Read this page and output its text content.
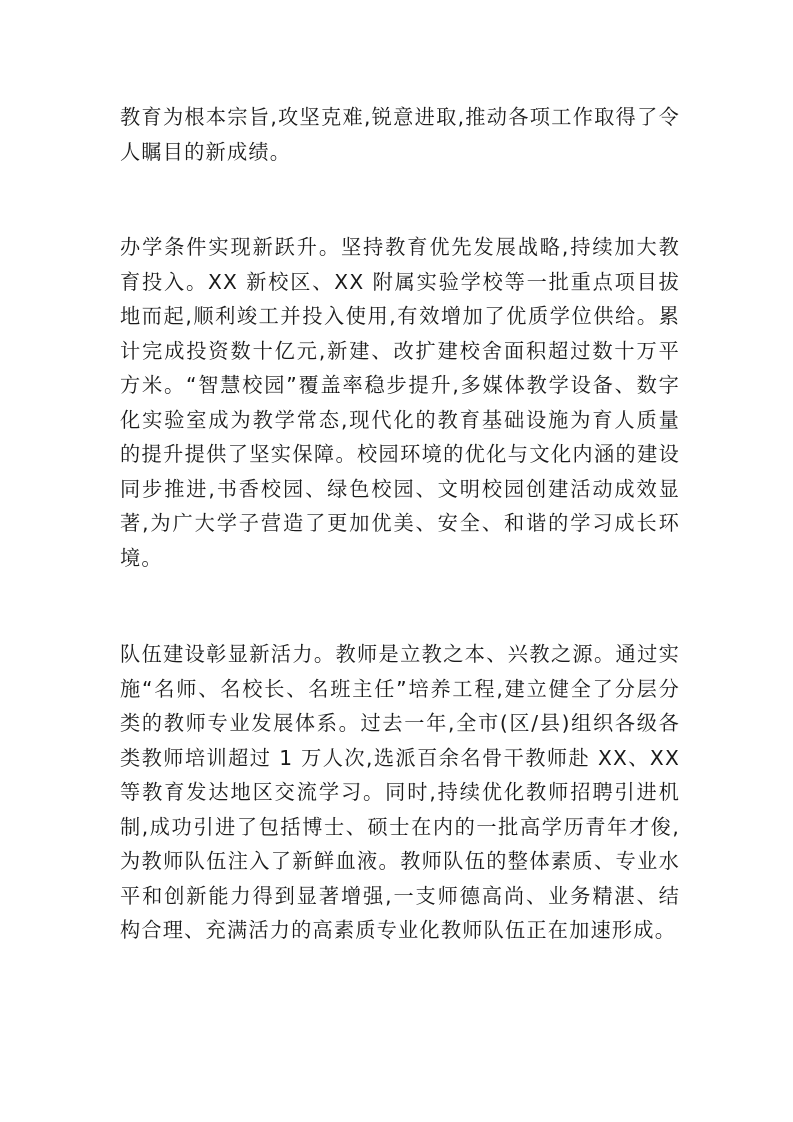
教育为根本宗旨,攻坚克难,锐意进取,推动各项工作取得了令人瞩目的新成绩。

办学条件实现新跃升。坚持教育优先发展战略,持续加大教育投入。XX 新校区、XX 附属实验学校等一批重点项目拔地而起,顺利竣工并投入使用,有效增加了优质学位供给。累计完成投资数十亿元,新建、改扩建校舍面积超过数十万平方米。“智慧校园”覆盖率稳步提升,多媒体教学设备、数字化实验室成为教学常态,现代化的教育基础设施为育人质量的提升提供了坚实保障。校园环境的优化与文化内涵的建设同步推进,书香校园、绿色校园、文明校园创建活动成效显著,为广大学子营造了更加优美、安全、和谐的学习成长环境。

队伍建设彰显新活力。教师是立教之本、兴教之源。通过实施“名师、名校长、名班主任”培养工程,建立健全了分层分类的教师专业发展体系。过去一年,全市(区/县)组织各级各类教师培训超过 1 万人次,选派百余名骨干教师赴 XX、XX 等教育发达地区交流学习。同时,持续优化教师招聘引进机制,成功引进了包括博士、硕士在内的一批高学历青年才俊,为教师队伍注入了新鲜血液。教师队伍的整体素质、专业水平和创新能力得到显著增强,一支师德高尚、业务精湛、结构合理、充满活力的高素质专业化教师队伍正在加速形成。
